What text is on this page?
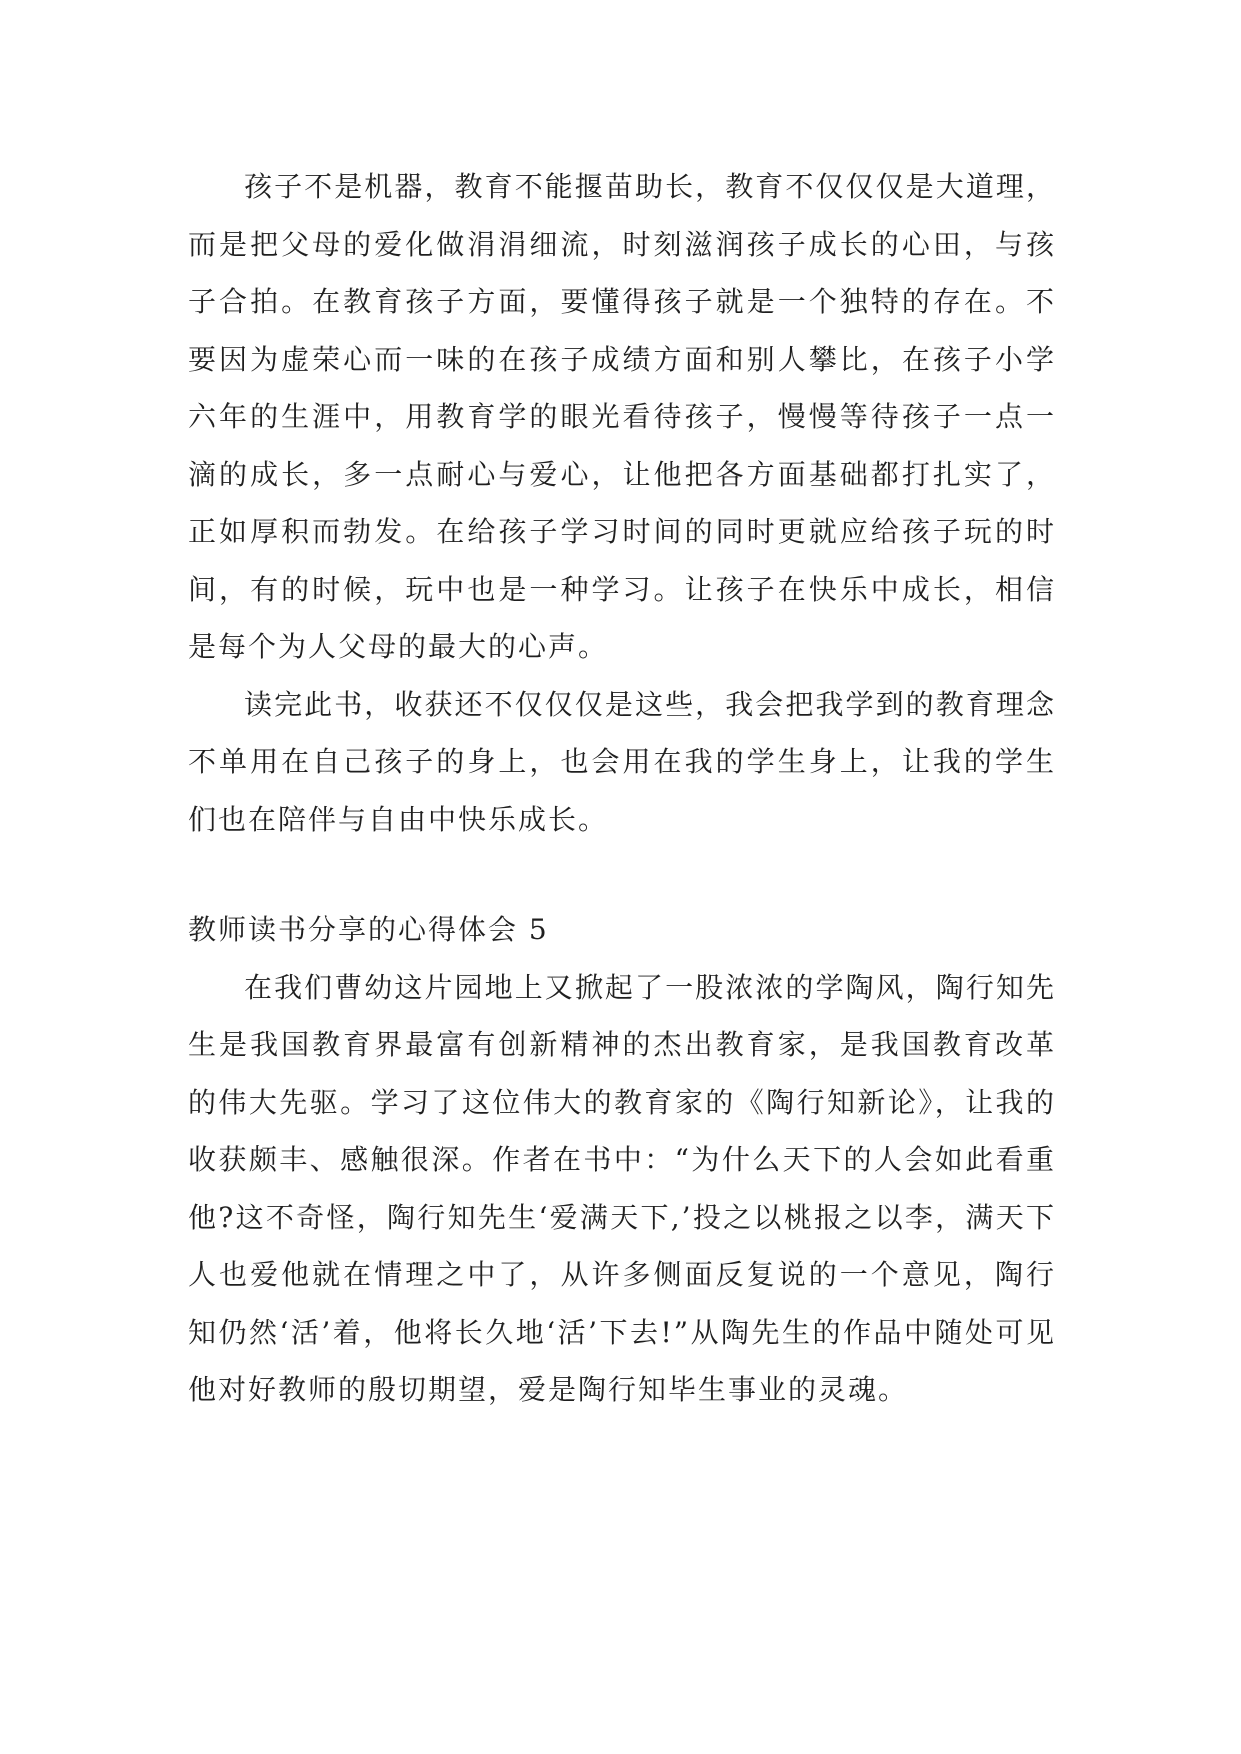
孩子不是机器，教育不能揠苗助长，教育不仅仅仅是大道理，而是把父母的爱化做涓涓细流，时刻滋润孩子成长的心田，与孩子合拍。在教育孩子方面，要懂得孩子就是一个独特的存在。不要因为虚荣心而一味的在孩子成绩方面和别人攀比，在孩子小学六年的生涯中，用教育学的眼光看待孩子，慢慢等待孩子一点一滴的成长，多一点耐心与爱心，让他把各方面基础都打扎实了，正如厚积而勃发。在给孩子学习时间的同时更就应给孩子玩的时间，有的时候，玩中也是一种学习。让孩子在快乐中成长，相信是每个为人父母的最大的心声。

读完此书，收获还不仅仅仅是这些，我会把我学到的教育理念不单用在自己孩子的身上，也会用在我的学生身上，让我的学生们也在陪伴与自由中快乐成长。

教师读书分享的心得体会 5

在我们曹幼这片园地上又掀起了一股浓浓的学陶风，陶行知先生是我国教育界最富有创新精神的杰出教育家，是我国教育改革的伟大先驱。学习了这位伟大的教育家的《陶行知新论》，让我的收获颇丰、感触很深。作者在书中：“为什么天下的人会如此看重他?这不奇怪，陶行知先生‘爱满天下,’投之以桃报之以李，满天下人也爱他就在情理之中了，从许多侧面反复说的一个意见，陶行知仍然‘活’着，他将长久地‘活’下去!”从陶先生的作品中随处可见他对好教师的殷切期望，爱是陶行知毕生事业的灵魂。
